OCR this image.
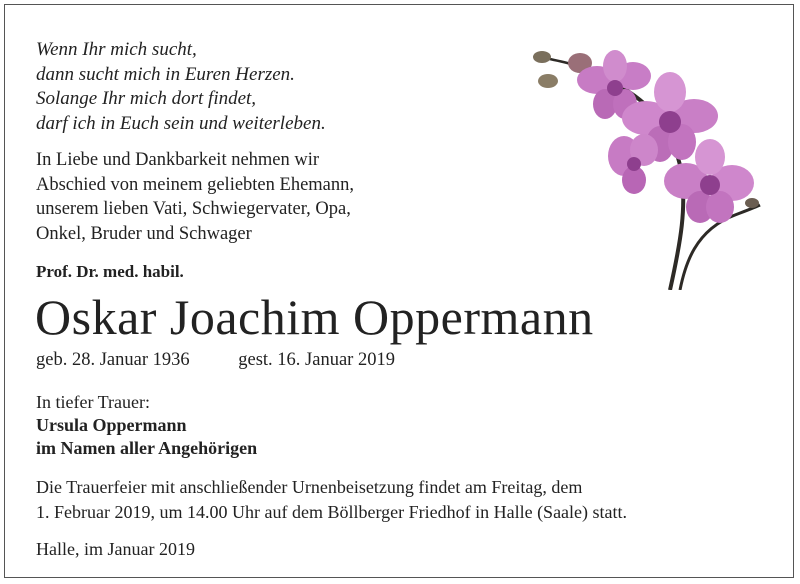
Wenn Ihr mich sucht,
dann sucht mich in Euren Herzen.
Solange Ihr mich dort findet,
darf ich in Euch sein und weiterleben.
In Liebe und Dankbarkeit nehmen wir
Abschied von meinem geliebten Ehemann,
unserem lieben Vati, Schwiegervater, Opa,
Onkel, Bruder und Schwager
Prof. Dr. med. habil.
Oskar Joachim Oppermann
geb. 28. Januar 1936	gest. 16. Januar 2019
In tiefer Trauer:
Ursula Oppermann
im Namen aller Angehörigen
Die Trauerfeier mit anschließender Urnenbeisetzung findet am Freitag, dem
1. Februar 2019, um 14.00 Uhr auf dem Böllberger Friedhof in Halle (Saale) statt.
Halle, im Januar 2019
